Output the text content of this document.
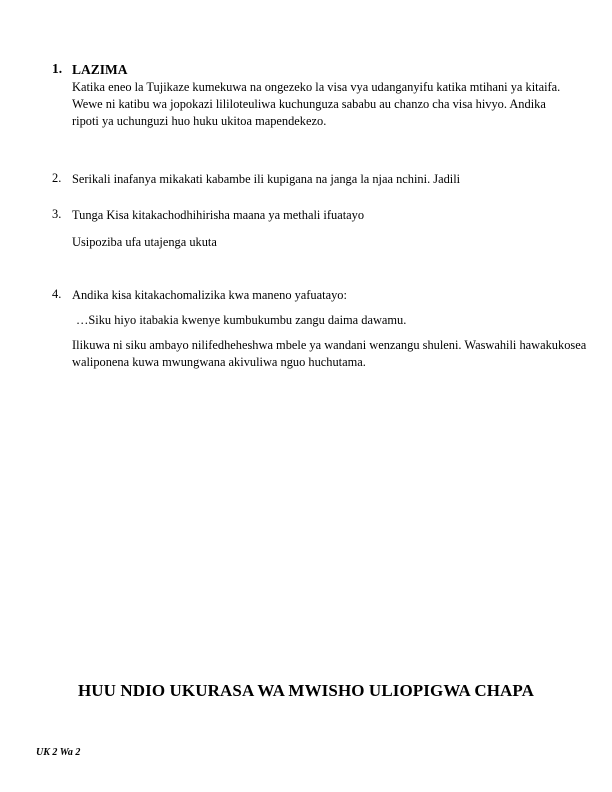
1. LAZIMA

Katika eneo la Tujikaze kumekuwa na ongezeko la visa vya udanganyifu katika mtihani ya kitaifa. Wewe ni katibu wa jopokazi lililoteuliwa kuchunguza sababu au chanzo cha visa hivyo. Andika ripoti ya uchunguzi huo huku ukitoa mapendekezo.

2. Serikali inafanya mikakati kabambe ili kupigana na janga la njaa nchini. Jadili

3. Tunga Kisa kitakachodhihirisha maana ya methali ifuatayo

Usipoziba ufa utajenga ukuta

4. Andika kisa kitakachomalizika kwa maneno yafuatayo:

…Siku hiyo itabakia kwenye kumbukumbu zangu daima dawamu.

Ilikuwa ni siku ambayo nilifedheheshwa mbele ya wandani wenzangu shuleni. Waswahili hawakukosea waliponena kuwa mwungwana akivuliwa nguo huchutama.

HUU NDIO UKURASA WA MWISHO ULIOPIGWA CHAPA
UK 2 Wa 2
